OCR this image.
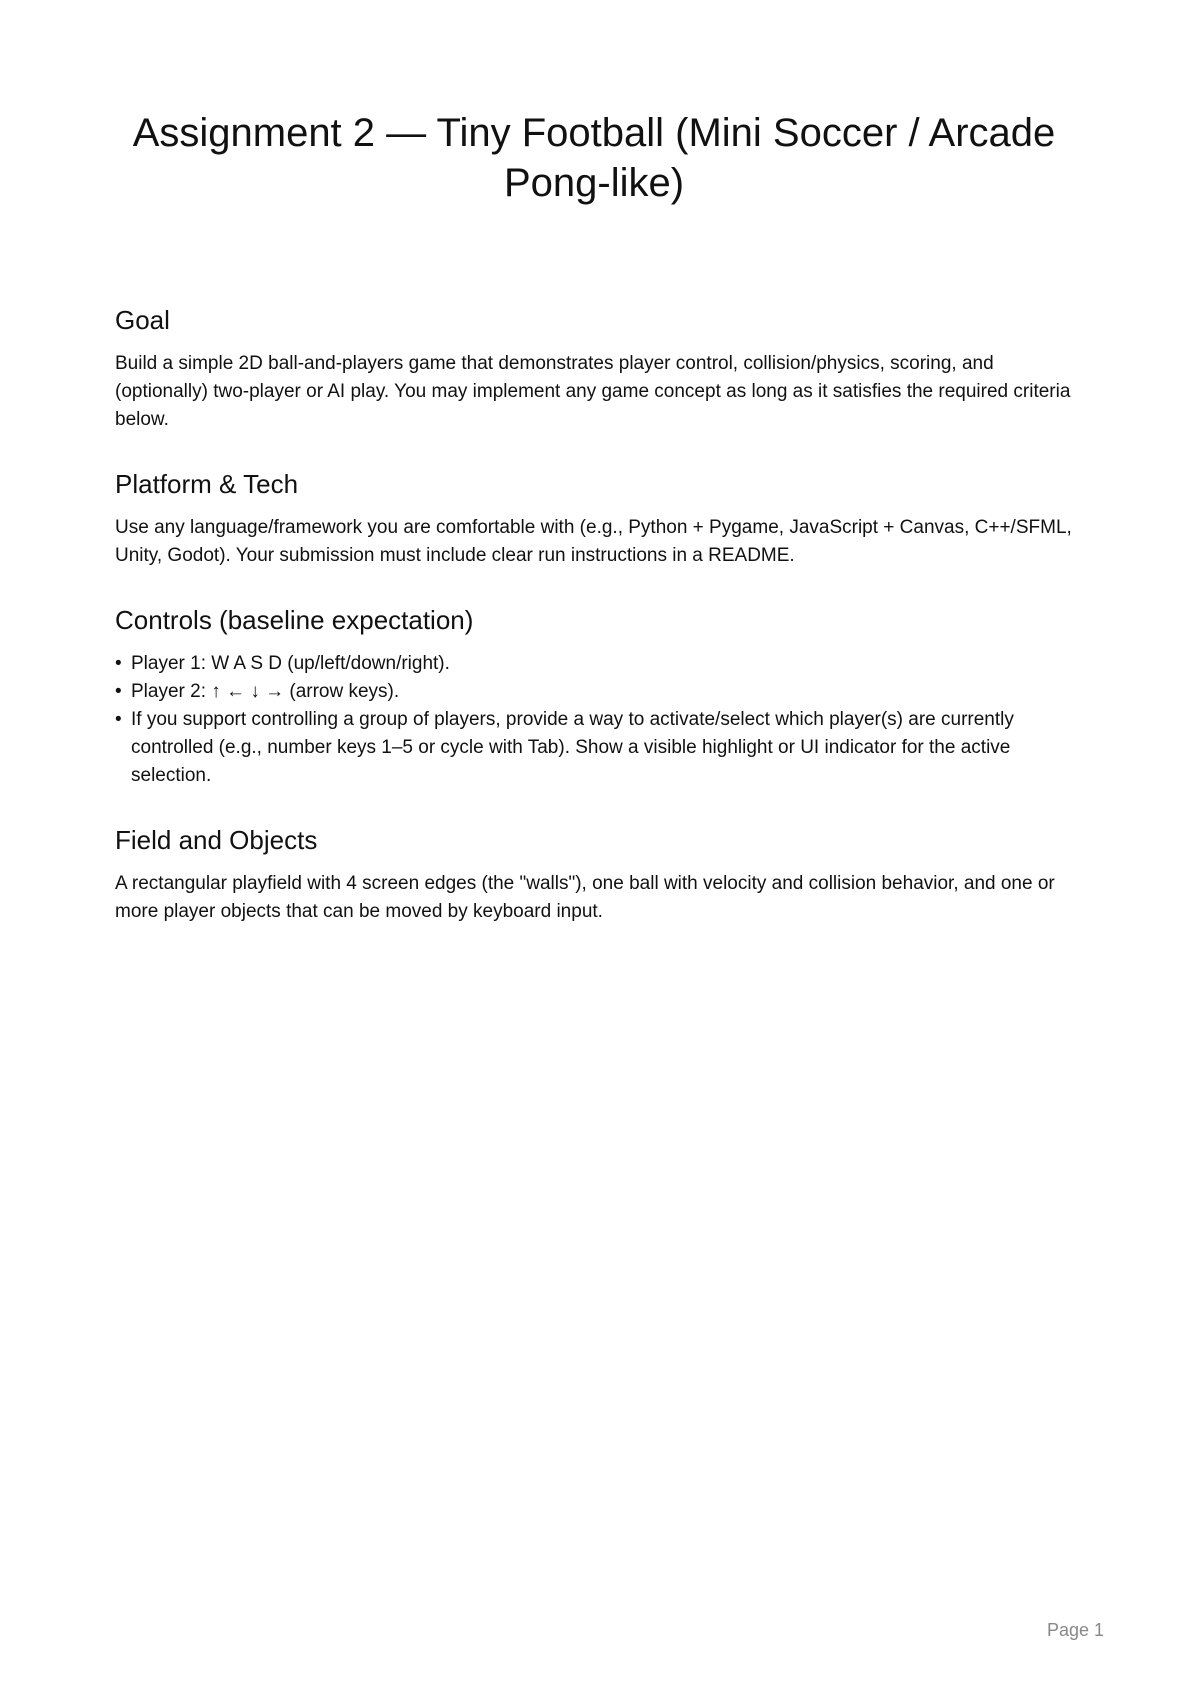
Assignment 2 — Tiny Football (Mini Soccer / Arcade Pong-like)
Goal

Build a simple 2D ball-and-players game that demonstrates player control, collision/physics, scoring, and (optionally) two-player or AI play. You may implement any game concept as long as it satisfies the required criteria below.

Platform & Tech

Use any language/framework you are comfortable with (e.g., Python + Pygame, JavaScript + Canvas, C++/SFML, Unity, Godot). Your submission must include clear run instructions in a README.

Controls (baseline expectation)
• Player 1: W A S D (up/left/down/right).
• Player 2: ↑ ← ↓ → (arrow keys).
• If you support controlling a group of players, provide a way to activate/select which player(s) are currently controlled (e.g., number keys 1–5 or cycle with Tab). Show a visible highlight or UI indicator for the active selection.
Field and Objects

A rectangular playfield with 4 screen edges (the "walls"), one ball with velocity and collision behavior, and one or more player objects that can be moved by keyboard input.

Page 1
